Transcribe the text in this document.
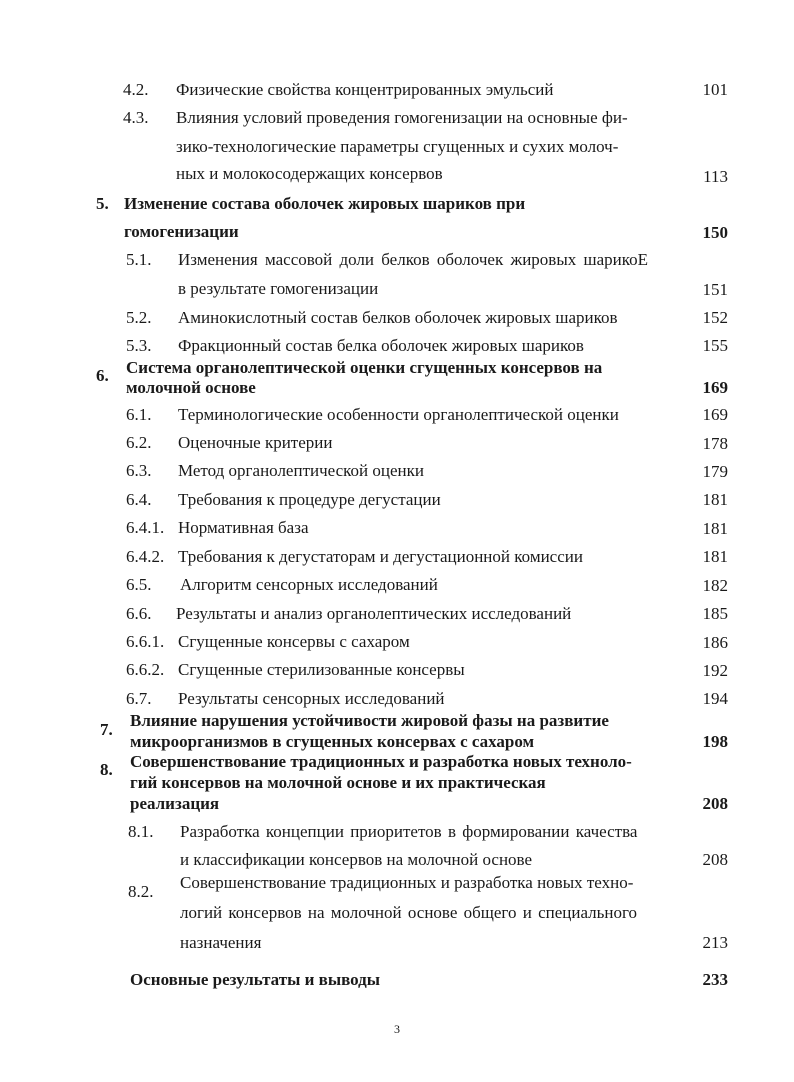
4.2. Физические свойства концентрированных эмульсий	101
4.3. Влияния условий проведения гомогенизации на основные фи-
зико-технологические параметры сгущенных и сухих молоч-
ных и молокосодержащих консервов	113
5. Изменение состава оболочек жировых шариков при
гомогенизации	150
5.1. Изменения массовой доли белков оболочек жировых шарикоE
в результате гомогенизации	151
5.2. Аминокислотный состав белков оболочек жировых шариков	152
5.3. Фракционный состав белка оболочек жировых шариков	155
6. Система органолептической оценки сгущенных консервов на
молочной основе	169
6.1. Терминологические особенности органолептической оценки	169
6.2. Оценочные критерии	178
6.3. Метод органолептической оценки	179
6.4. Требования к процедуре дегустации	181
6.4.1. Нормативная база	181
6.4.2. Требования к дегустаторам и дегустационной комиссии	181
6.5. Алгоритм сенсорных исследований	182
6.6. Результаты и анализ органолептических исследований	185
6.6.1. Сгущенные консервы с сахаром	186
6.6.2. Сгущенные стерилизованные консервы	192
6.7. Результаты сенсорных исследований	194
7. Влияние нарушения устойчивости жировой фазы на развитие
микроорганизмов в сгущенных консервах с сахаром	198
8. Совершенствование традиционных и разработка новых техноло-
гий консервов на молочной основе и их практическая
реализация	208
8.1. Разработка концепции приоритетов в формировании качества
и классификации консервов на молочной основе	208
8.2. Совершенствование традиционных и разработка новых техно-
логий консервов на молочной основе общего и специального
назначения	213
Основные результаты и выводы	233
3
